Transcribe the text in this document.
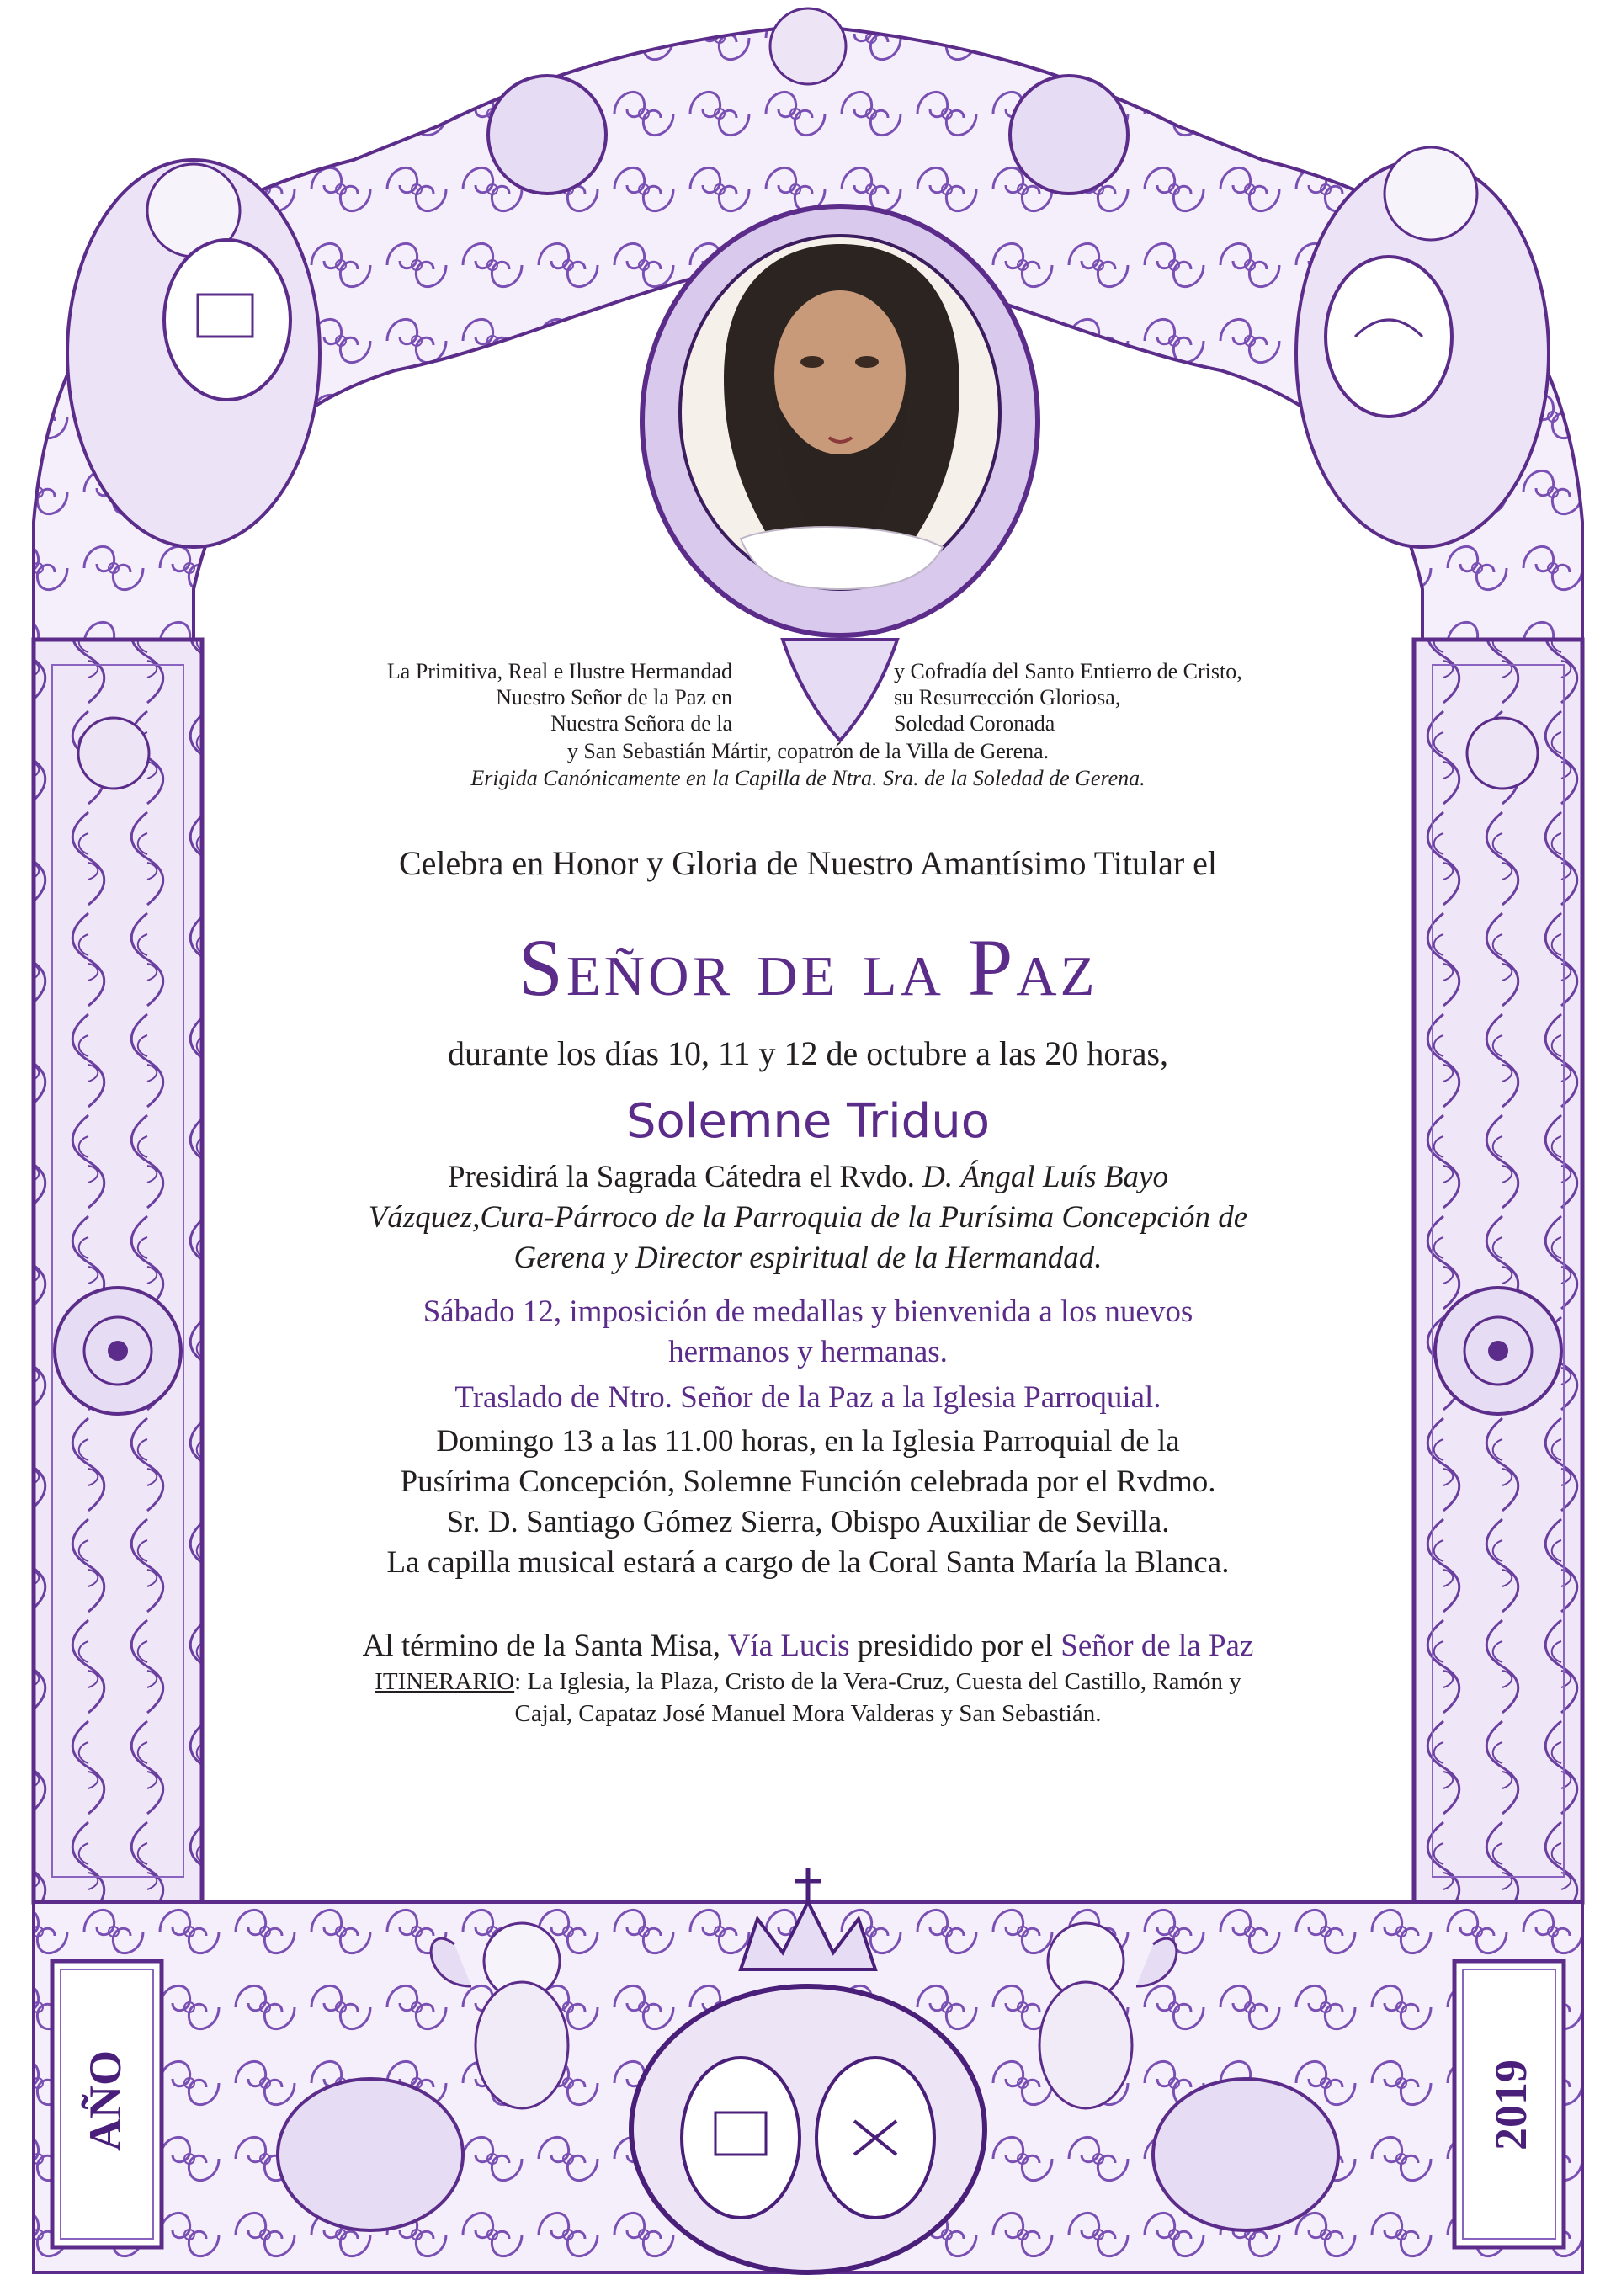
La Primitiva, Real e Ilustre Hermandad
Nuestro Señor de la Paz en
Nuestra Señora de la
y Cofradía del Santo Entierro de Cristo,
su Resurrección Gloriosa,
Soledad Coronada
y San Sebastián Mártir, copatrón de la Villa de Gerena.
Erigida Canónicamente en la Capilla de Ntra. Sra. de la Soledad de Gerena.
Celebra en Honor y Gloria de Nuestro Amantísimo Titular el
Señor de la Paz
durante los días 10, 11 y 12 de octubre a las 20 horas,
Solemne Triduo
Presidirá la Sagrada Cátedra el Rvdo. D. Ángal Luís Bayo
Vázquez,Cura-Párroco de la Parroquia de la Purísima Concepción de
Gerena y Director espiritual de la Hermandad.
Sábado 12, imposición de medallas y bienvenida a los nuevos
hermanos y hermanas.
Traslado de Ntro. Señor de la Paz a la Iglesia Parroquial.
Domingo 13 a las 11.00 horas, en la Iglesia Parroquial de la
Pusírima Concepción, Solemne Función celebrada por el Rvdmo.
Sr. D. Santiago Gómez Sierra, Obispo Auxiliar de Sevilla.
La capilla musical estará a cargo de la Coral Santa María la Blanca.
Al término de la Santa Misa, Vía Lucis presidido por el Señor de la Paz
ITINERARIO: La Iglesia, la Plaza, Cristo de la Vera-Cruz, Cuesta del Castillo, Ramón y
Cajal, Capataz José Manuel Mora Valderas y San Sebastián.
AÑO	2019
